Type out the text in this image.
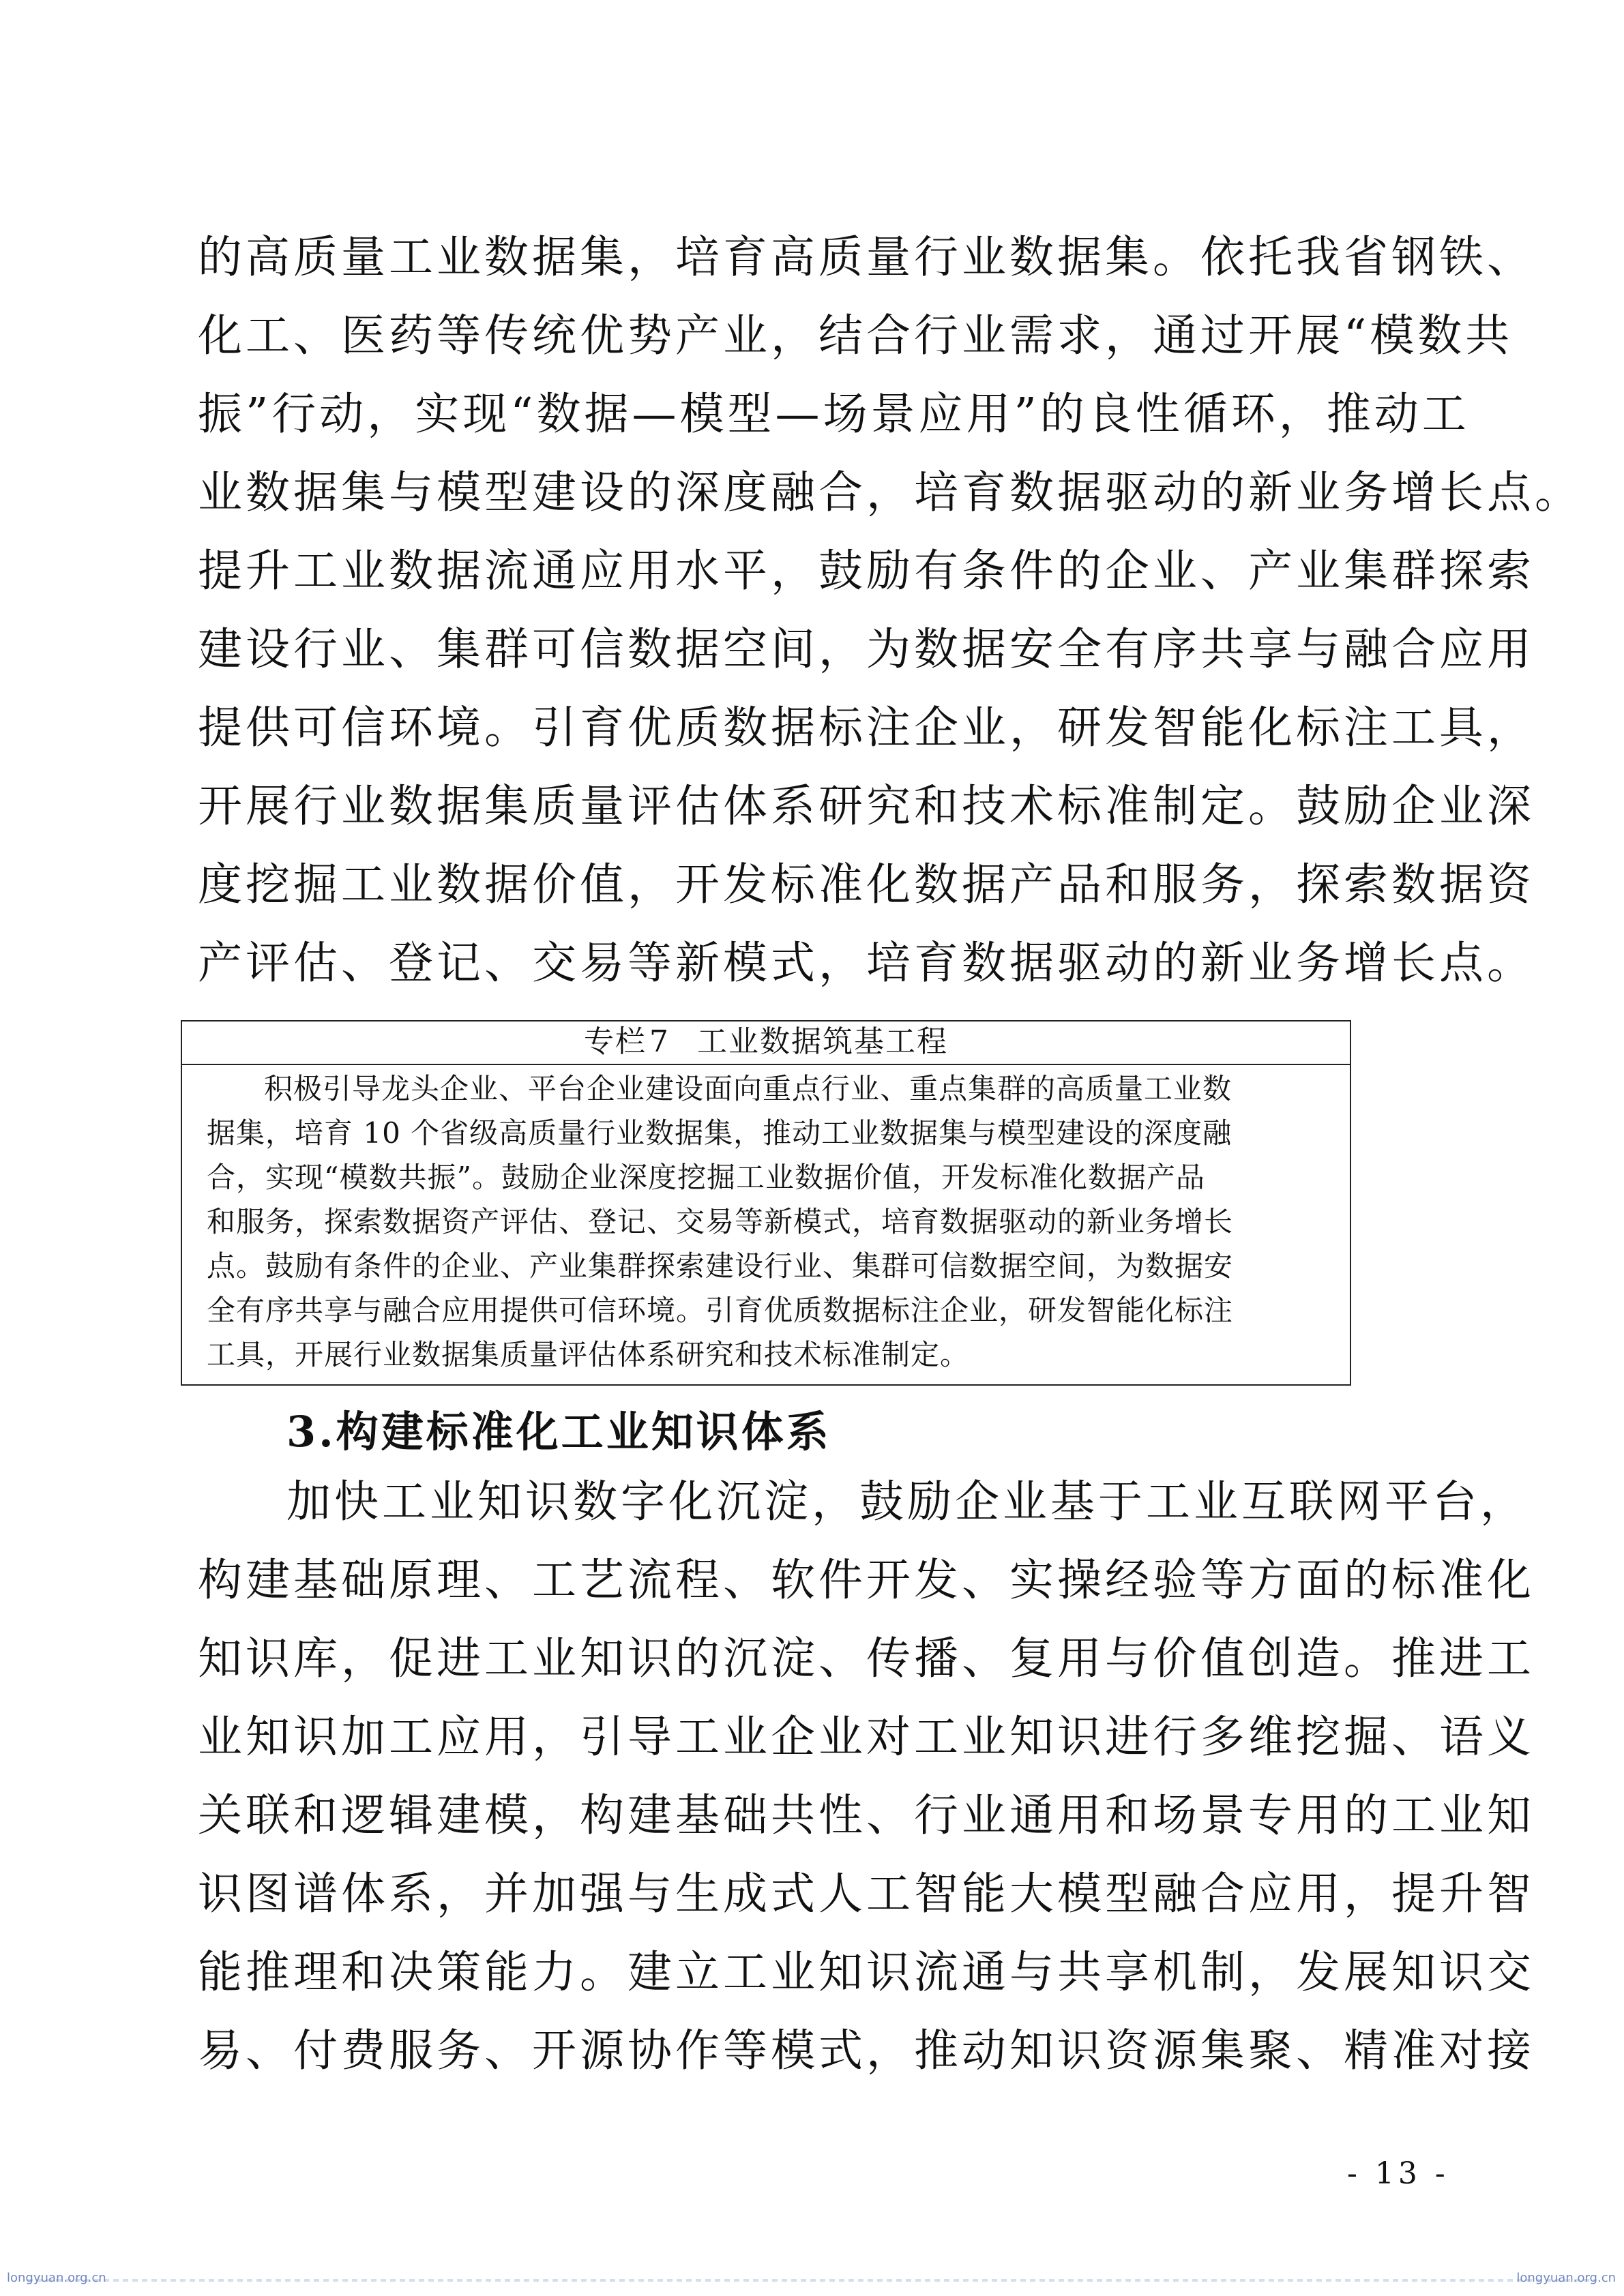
的高质量工业数据集，培育高质量行业数据集。依托我省钢铁、
化工、医药等传统优势产业，结合行业需求，通过开展“模数共
振”行动，实现“数据—模型—场景应用”的良性循环，推动工
业数据集与模型建设的深度融合，培育数据驱动的新业务增长点。
提升工业数据流通应用水平，鼓励有条件的企业、产业集群探索
建设行业、集群可信数据空间，为数据安全有序共享与融合应用
提供可信环境。引育优质数据标注企业，研发智能化标注工具，
开展行业数据集质量评估体系研究和技术标准制定。鼓励企业深
度挖掘工业数据价值，开发标准化数据产品和服务，探索数据资
产评估、登记、交易等新模式，培育数据驱动的新业务增长点。
专栏7 工业数据筑基工程
积极引导龙头企业、平台企业建设面向重点行业、重点集群的高质量工业数
据集，培育 10 个省级高质量行业数据集，推动工业数据集与模型建设的深度融
合，实现“模数共振”。鼓励企业深度挖掘工业数据价值，开发标准化数据产品
和服务，探索数据资产评估、登记、交易等新模式，培育数据驱动的新业务增长
点。鼓励有条件的企业、产业集群探索建设行业、集群可信数据空间，为数据安
全有序共享与融合应用提供可信环境。引育优质数据标注企业，研发智能化标注
工具，开展行业数据集质量评估体系研究和技术标准制定。
3.构建标准化工业知识体系
加快工业知识数字化沉淀，鼓励企业基于工业互联网平台，
构建基础原理、工艺流程、软件开发、实操经验等方面的标准化
知识库，促进工业知识的沉淀、传播、复用与价值创造。推进工
业知识加工应用，引导工业企业对工业知识进行多维挖掘、语义
关联和逻辑建模，构建基础共性、行业通用和场景专用的工业知
识图谱体系，并加强与生成式人工智能大模型融合应用，提升智
能推理和决策能力。建立工业知识流通与共享机制，发展知识交
易、付费服务、开源协作等模式，推动知识资源集聚、精准对接
- 13 -
longyuan.org.cn	longyuan.org.cn
